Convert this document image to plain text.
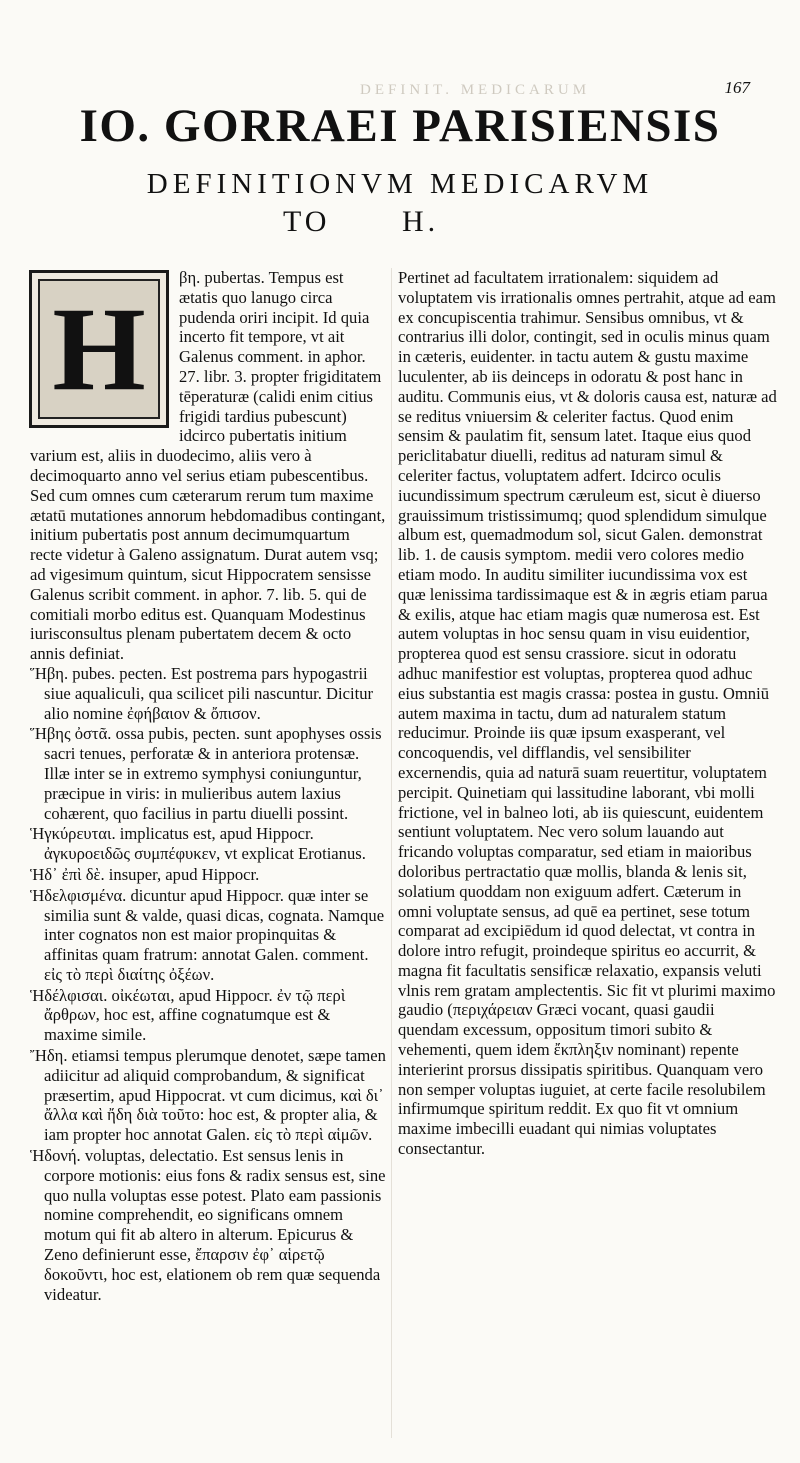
DEFINIT. MEDICARUM	167
IO. GORRAEI PARISIENSIS
DEFINITIONVM MEDICARVM
TO H.
H

βη. pubertas. Tempus est ætatis quo lanugo circa pudenda oriri incipit. Id quia incerto fit tempore, vt ait Galenus comment. in aphor. 27. libr. 3. propter frigiditatem tēperaturæ (calidi enim citius frigidi tardius pubescunt) idcirco pubertatis initium varium est, aliis in duodecimo, aliis vero à decimoquarto anno vel serius etiam pubescentibus. Sed cum omnes cum cæterarum rerum tum maxime ætatū mutationes annorum hebdomadibus contingant, initium pubertatis post annum decimumquartum recte videtur à Galeno assignatum. Durat autem vsq; ad vigesimum quintum, sicut Hippocratem sensisse Galenus scribit comment. in aphor. 7. lib. 5. qui de comitiali morbo editus est. Quanquam Modestinus iurisconsultus plenam pubertatem decem & octo annis definiat.

Ἥβη. pubes. pecten. Est postrema pars hypogastrii siue aqualiculi, qua scilicet pili nascuntur. Dicitur alio nomine ἐφήβαιον & ὄπισον.

Ἥβης ὀστᾶ. ossa pubis, pecten. sunt apophyses ossis sacri tenues, perforatæ & in anteriora protensæ. Illæ inter se in extremo symphysi coniunguntur, præcipue in viris: in mulieribus autem laxius cohærent, quo facilius in partu diuelli possint.

Ἡγκύρευται. implicatus est, apud Hippocr. ἀγκυροειδῶς συμπέφυκεν, vt explicat Erotianus.

Ἡδ᾽ ἐπὶ δὲ. insuper, apud Hippocr.

Ἡδελφισμένα. dicuntur apud Hippocr. quæ inter se similia sunt & valde, quasi dicas, cognata. Namque inter cognatos non est maior propinquitas & affinitas quam fratrum: annotat Galen. comment. εἰς τὸ περὶ διαίτης ὀξέων.

Ἡδέλφισαι. οἰκέωται, apud Hippocr. ἐν τῷ περὶ ἄρθρων, hoc est, affine cognatumque est & maxime simile.

Ἤδη. etiamsi tempus plerumque denotet, sæpe tamen adiicitur ad aliquid comprobandum, & significat præsertim, apud Hippocrat. vt cum dicimus, καὶ δι᾽ ἄλλα καὶ ἤδη διὰ τοῦτο: hoc est, & propter alia, & iam propter hoc annotat Galen. εἰς τὸ περὶ αἱμῶν.

Ἡδονή. voluptas, delectatio. Est sensus lenis in corpore motionis: eius fons & radix sensus est, sine quo nulla voluptas esse potest. Plato eam passionis nomine comprehendit, eo significans omnem motum qui fit ab altero in alterum. Epicurus & Zeno definierunt esse, ἔπαρσιν ἐφ᾽ αἱρετῷ δοκοῦντι, hoc est, elationem ob rem quæ sequenda videatur.

Pertinet ad facultatem irrationalem: siquidem ad voluptatem vis irrationalis omnes pertrahit, atque ad eam ex concupiscentia trahimur. Sensibus omnibus, vt & contrarius illi dolor, contingit, sed in oculis minus quam in cæteris, euidenter. in tactu autem & gustu maxime luculenter, ab iis deinceps in odoratu & post hanc in auditu. Communis eius, vt & doloris causa est, naturæ ad se reditus vniuersim & celeriter factus. Quod enim sensim & paulatim fit, sensum latet. Itaque eius quod periclitabatur diuelli, reditus ad naturam simul & celeriter factus, voluptatem adfert. Idcirco oculis iucundissimum spectrum cæruleum est, sicut è diuerso grauissimum tristissimumq; quod splendidum simulque album est, quemadmodum sol, sicut Galen. demonstrat lib. 1. de causis symptom. medii vero colores medio etiam modo. In auditu similiter iucundissima vox est quæ lenissima tardissimaque est & in ægris etiam parua & exilis, atque hac etiam magis quæ numerosa est. Est autem voluptas in hoc sensu quam in visu euidentior, propterea quod est sensu crassiore. sicut in odoratu adhuc manifestior est voluptas, propterea quod adhuc eius substantia est magis crassa: postea in gustu. Omniū autem maxima in tactu, dum ad naturalem statum reducimur. Proinde iis quæ ipsum exasperant, vel concoquendis, vel difflandis, vel sensibiliter excernendis, quia ad naturā suam reuertitur, voluptatem percipit. Quinetiam qui lassitudine laborant, vbi molli frictione, vel in balneo loti, ab iis quiescunt, euidentem sentiunt voluptatem. Nec vero solum lauando aut fricando voluptas comparatur, sed etiam in maioribus doloribus pertractatio quæ mollis, blanda & lenis sit, solatium quoddam non exiguum adfert. Cæterum in omni voluptate sensus, ad quē ea pertinet, sese totum comparat ad excipiēdum id quod delectat, vt contra in dolore intro refugit, proindeque spiritus eo accurrit, & magna fit facultatis sensificæ relaxatio, expansis veluti vlnis rem gratam amplectentis. Sic fit vt plurimi maximo gaudio (περιχάρειαν Græci vocant, quasi gaudii quendam excessum, oppositum timori subito & vehementi, quem idem ἔκπληξιν nominant) repente interierint prorsus dissipatis spiritibus. Quanquam vero non semper voluptas iuguiet, at certe facile resolubilem infirmumque spiritum reddit. Ex quo fit vt omnium maxime imbecilli euadant qui nimias voluptates consectantur.
